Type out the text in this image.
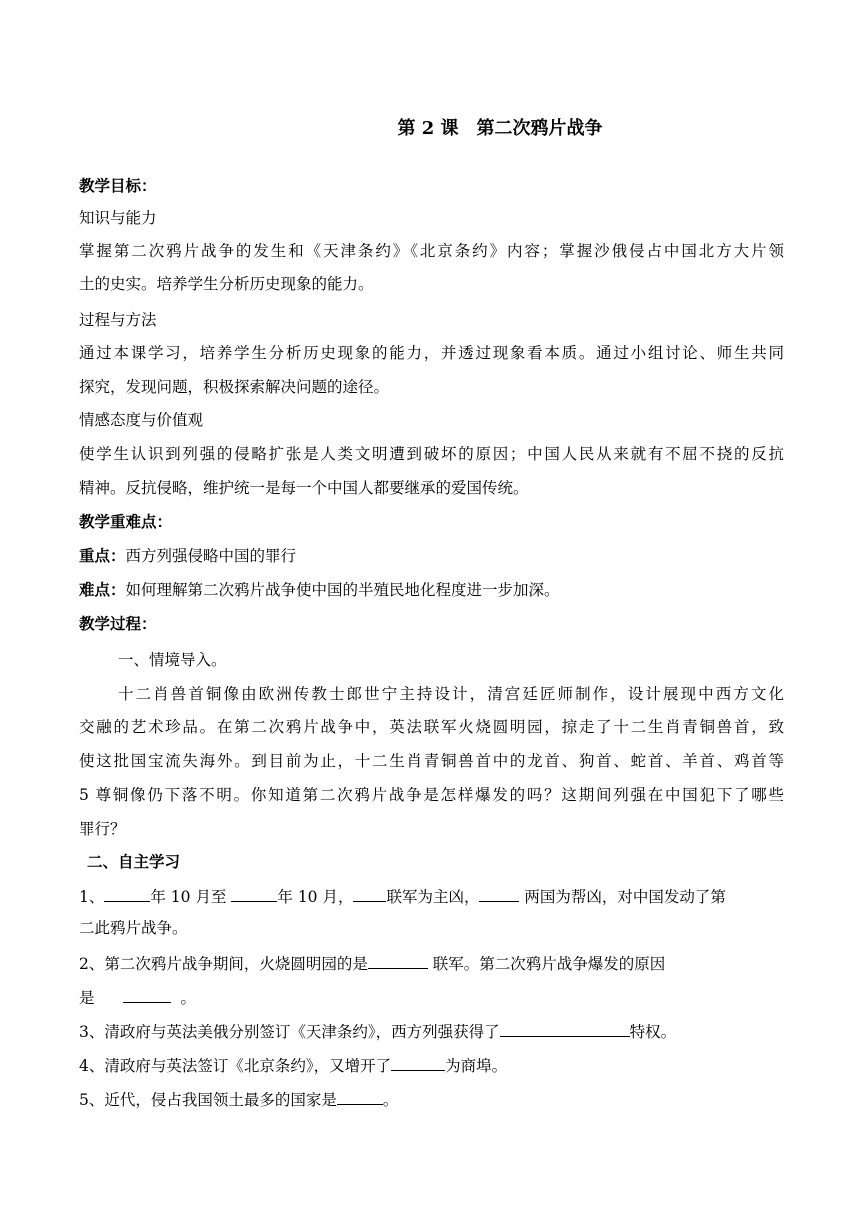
第 2 课　第二次鸦片战争
教学目标：
知识与能力
掌握第二次鸦片战争的发生和《天津条约》《北京条约》内容；掌握沙俄侵占中国北方大片领
土的史实。培养学生分析历史现象的能力。
过程与方法
通过本课学习，培养学生分析历史现象的能力，并透过现象看本质。通过小组讨论、师生共同
探究，发现问题，积极探索解决问题的途径。
情感态度与价值观
使学生认识到列强的侵略扩张是人类文明遭到破坏的原因；中国人民从来就有不屈不挠的反抗
精神。反抗侵略，维护统一是每一个中国人都要继承的爱国传统。
教学重难点：
重点：西方列强侵略中国的罪行
难点：如何理解第二次鸦片战争使中国的半殖民地化程度进一步加深。
教学过程：
一、情境导入。
十二肖兽首铜像由欧洲传教士郎世宁主持设计，清宫廷匠师制作，设计展现中西方文化
交融的艺术珍品。在第二次鸦片战争中，英法联军火烧圆明园，掠走了十二生肖青铜兽首，致
使这批国宝流失海外。到目前为止，十二生肖青铜兽首中的龙首、狗首、蛇首、羊首、鸡首等
5 尊铜像仍下落不明。你知道第二次鸦片战争是怎样爆发的吗？这期间列强在中国犯下了哪些
罪行？
二、自主学习
1、	年 10 月至	年 10 月， 联军为主凶，	两国为帮凶，对中国发动了第
二此鸦片战争。
2、第二次鸦片战争期间，火烧圆明园的是	联军。第二次鸦片战争爆发的原因
是	。
3、清政府与英法美俄分别签订《天津条约》，西方列强获得了	特权。
4、清政府与英法签订《北京条约》，又增开了	为商埠。
5、近代，侵占我国领土最多的国家是	。
